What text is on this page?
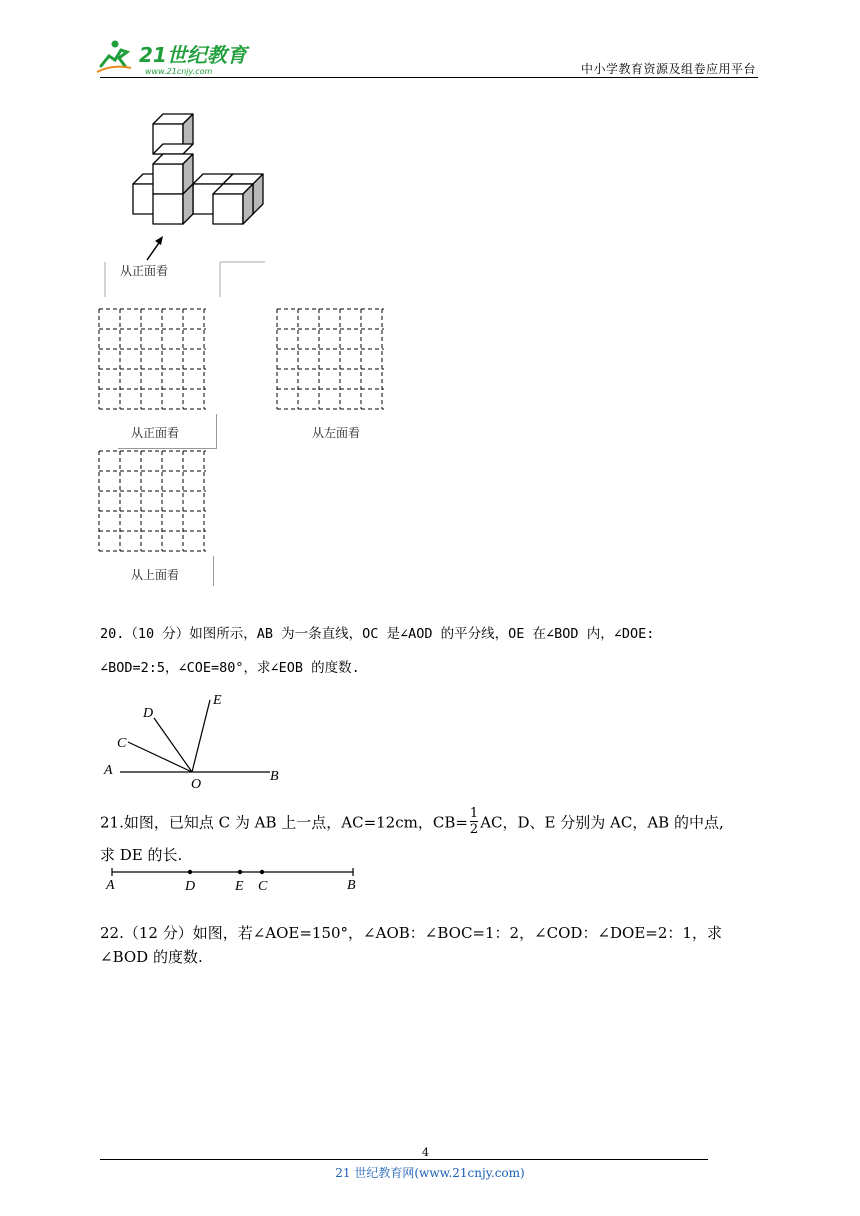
21世纪教育
www.21cnjy.com	中小学教育资源及组卷应用平台
从正面看
从正面看	从左面看
从上面看
20.（10 分）如图所示，AB 为一条直线，OC 是∠AOD 的平分线，OE 在∠BOD 内，∠DOE:
∠BOD=2:5，∠COE=80°，求∠EOB 的度数.
A
O
B
C
D
E
21.如图，已知点 C 为 AB 上一点，AC=12cm，$CB= \frac{1}{2}$ AC，D、E 分别为 AC，AB 的中点,
求 DE 的长.
A	D	E C	B
22.（12 分）如图，若∠AOE=150°，∠AOB：∠BOC=1：2，∠COD：∠DOE=2：1，求
∠BOD 的度数.
4
21 世纪教育网(www.21cnjy.com)
